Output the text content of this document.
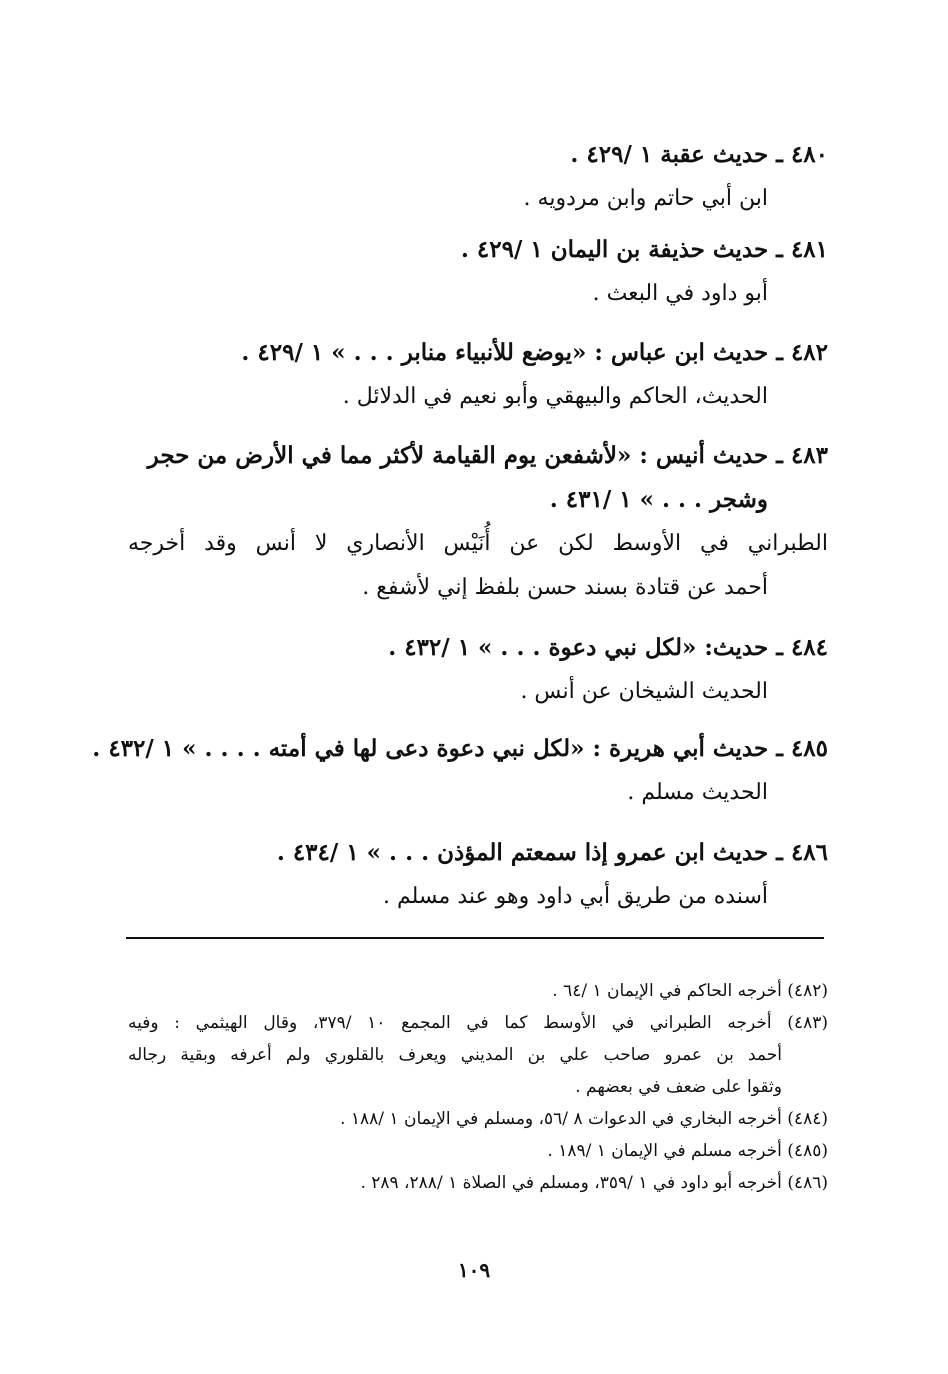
٤٨٠ ـ حديث عقبة ١ /٤٢٩ .
ابن أبي حاتم وابن مردويه .
٤٨١ ـ حديث حذيفة بن اليمان ١ /٤٢٩ .
أبو داود في البعث .
٤٨٢ ـ حديث ابن عباس : «يوضع للأنبياء منابر . . . » ١ /٤٢٩ .
الحديث، الحاكم والبيهقي وأبو نعيم في الدلائل .
٤٨٣ ـ حديث أنيس : «لأشفعن يوم القيامة لأكثر مما في الأرض من حجر
وشجر . . . » ١ /٤٣١ .
الطبراني في الأوسط لكن عن أُنَيْس الأنصاري لا أنس وقد أخرجه
أحمد عن قتادة بسند حسن بلفظ إني لأشفع .
٤٨٤ ـ حديث: «لكل نبي دعوة . . . » ١ /٤٣٢ .
الحديث الشيخان عن أنس .
٤٨٥ ـ حديث أبي هريرة : «لكل نبي دعوة دعى لها في أمته . . . . » ١ /٤٣٢ .
الحديث مسلم .
٤٨٦ ـ حديث ابن عمرو إذا سمعتم المؤذن . . . » ١ /٤٣٤ .
أسنده من طريق أبي داود وهو عند مسلم .
(٤٨٢) أخرجه الحاكم في الإيمان ١ /٦٤ .
(٤٨٣) أخرجه الطبراني في الأوسط كما في المجمع ١٠ /٣٧٩، وقال الهيثمي : وفيه
أحمد بن عمرو صاحب علي بن المديني ويعرف بالقلوري ولم أعرفه وبقية رجاله
وثقوا على ضعف في بعضهم .
(٤٨٤) أخرجه البخاري في الدعوات ٨ /٥٦، ومسلم في الإيمان ١ /١٨٨ .
(٤٨٥) أخرجه مسلم في الإيمان ١ /١٨٩ .
(٤٨٦) أخرجه أبو داود في ١ /٣٥٩، ومسلم في الصلاة ١ /٢٨٨، ٢٨٩ .
١٠٩
